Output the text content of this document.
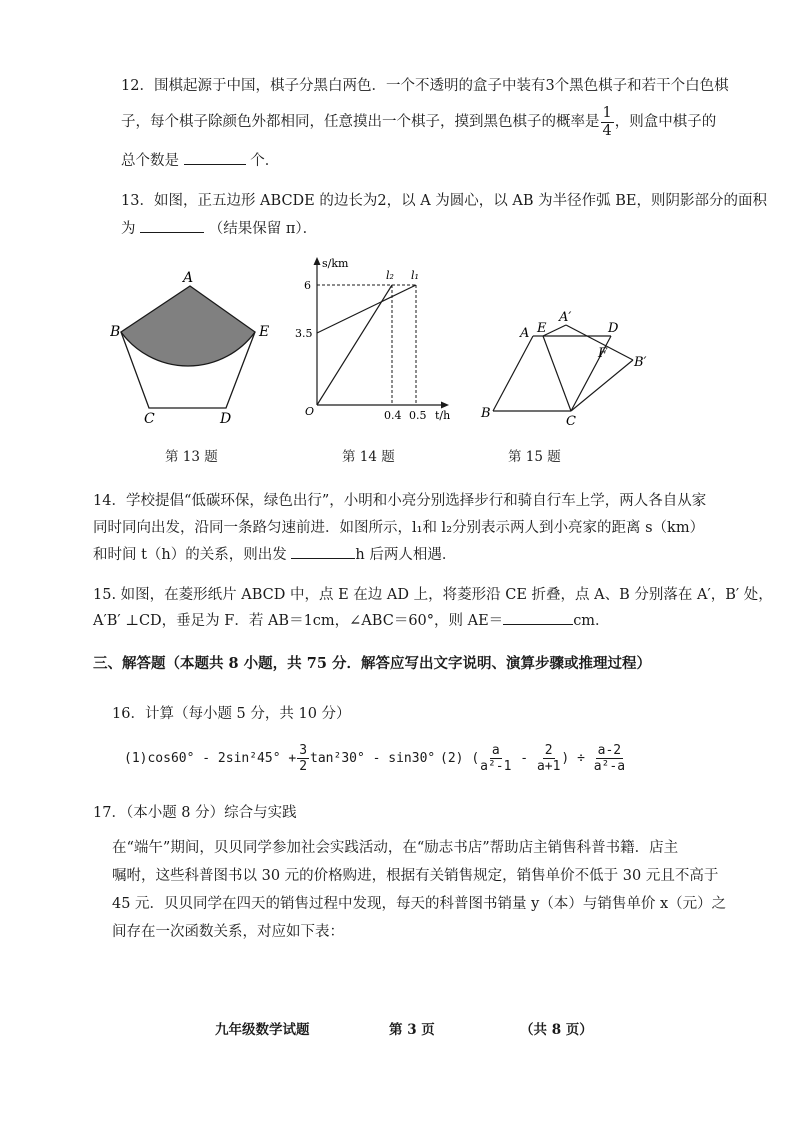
12．围棋起源于中国，棋子分黑白两色．一个不透明的盒子中装有3个黑色棋子和若干个白色棋
子，每个棋子除颜色外都相同，任意摸出一个棋子，摸到黑色棋子的概率是 $\frac{1}{4}$ ，则盒中棋子的
总个数是	个．
13．如图，正五边形 ABCDE 的边长为2，以 A 为圆心，以 AB 为半径作弧 BE，则阴影部分的面积
为	（结果保留 π）．
A
B	E
C	D
第 13 题
s/km
t/h
6
3.5
0.4 0.5
O
l₂ l₁
第 14 题
A E
A′
D
F
B′
B
C
第 15 题
14．学校提倡“低碳环保，绿色出行”，小明和小亮分别选择步行和骑自行车上学，两人各自从家
同时同向出发，沿同一条路匀速前进．如图所示，l₁和 l₂分别表示两人到小亮家的距离 s（km）
和时间 t（h）的关系，则出发	h 后两人相遇．
15. 如图，在菱形纸片 ABCD 中，点 E 在边 AD 上，将菱形沿 CE 折叠，点 A、B 分别落在 A′，B′ 处，
A′B′ ⊥CD，垂足为 F．若 AB＝1cm，∠ABC＝60°，则 AE＝	cm．
三、解答题（本题共 8 小题，共 75 分．解答应写出文字说明、演算步骤或推理过程）
16．计算（每小题 5 分，共 10 分）
$(1)\cos 60^\circ - 2\sin^245^\circ + \frac{3}{2} \tan^230^\circ - \sin 30^\circ$ (2) ( $\frac{a}{\text{a²-1}} - \frac{2}{a+1}$ ) ÷ $\frac{a-2}{\text{a²-a}}$
17．（本小题 8 分）综合与实践
在“端午”期间，贝贝同学参加社会实践活动，在“励志书店”帮助店主销售科普书籍．店主
嘱咐，这些科普图书以 30 元的价格购进，根据有关销售规定，销售单价不低于 30 元且不高于
45 元．贝贝同学在四天的销售过程中发现，每天的科普图书销量 y（本）与销售单价 x（元）之
间存在一次函数关系，对应如下表：
九年级数学试题	第 3 页	（共 8 页）
